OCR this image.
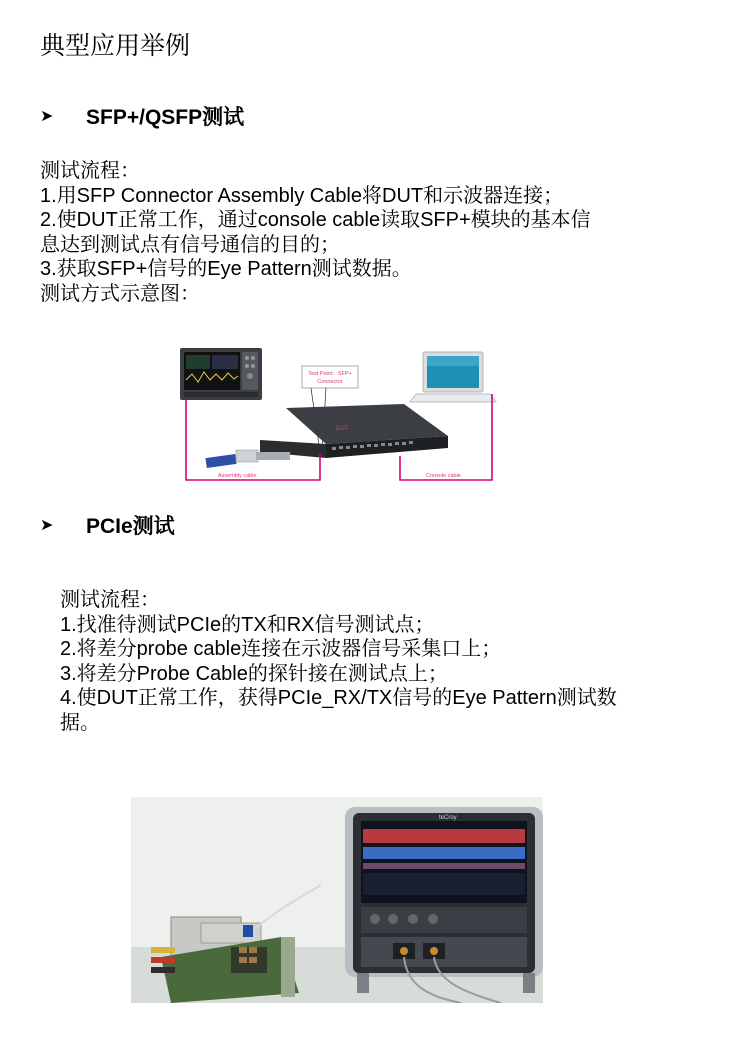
典型应用举例
➤	SFP+/QSFP测试
测试流程：
1.用SFP Connector Assembly Cable将DUT和示波器连接；
2.使DUT正常工作，通过console cable读取SFP+模块的基本信
息达到测试点有信号通信的目的；
3.获取SFP+信号的Eye Pattern测试数据。
测试方式示意图：
Test Point：SFP+
Connector
DUT
Assembly cable	Console cable
➤	PCIe测试
测试流程：
1.找准待测试PCIe的TX和RX信号测试点；
2.将差分probe cable连接在示波器信号采集口上；
3.将差分Probe Cable的探针接在测试点上；
4.使DUT正常工作，获得PCIe_RX/TX信号的Eye Pattern测试数
据。
teCroy
